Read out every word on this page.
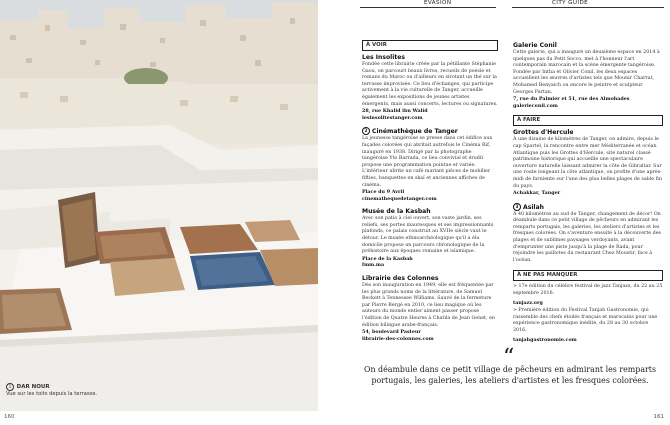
1 DAR NOUR
Vue sur les toits depuis la terrasse.
160	161
ÉVASION	CITY GUIDE
À VOIR
Les Insolites
Fondée cette librairie créée par la pétillante Stéphanie Gaou, on parcourt beaux livres, recueils de poésie et romans du Maroc ou d'ailleurs en sirotant un thé sur la terrasse improvisée. Ce lieu d'échanges, qui participe activement à la vie culturelle de Tanger, accueille également les expositions de jeunes artistes émergents, mais aussi concerts, lectures ou signatures.
28, rue Khalid ibn Walid
lesinsolitestanger.com
2 Cinémathèque de Tanger
La jeunesse tangéroise se presse dans cet édifice aux façades colorées qui abritait autrefois le Cinéma Rif, inauguré en 1938. Dirigé par la photographe tangéroise Yto Barrada, ce lieu convivial et érudit propose une programmation pointue et variée. L'intérieur abrite un café mariant pièces de mobilier fifties, banquettes en skaï et anciennes affiches de cinéma.
Place du 9 Avril
cinemathequedetanger.com
Musée de la Kasbah
Avec son patio à ciel ouvert, son vaste jardin, ses reliefs, ses portes mauresques et ses impressionnants plafonds, ce palais construit au XVIIe siècle vaut le détour. Le musée ethnoarchéologique qu'il a élu domicile propose un parcours chronologique de la préhistoire aux époques romaine et islamique.
Place de la Kasbah
fmm.ma
Librairie des Colonnes
Dès son inauguration en 1949, elle est fréquentée par les plus grands noms de la littérature, de Samuel Beckett à Tennessee Williams. Sauvé de la fermeture par Pierre Bergé en 2010, ce lieu magique où les auteurs du monde entier aiment passer propose l'édition de Quatre Heures à Chatila de Jean Genet, en édition bilingue arabe-français.
54, boulevard Pasteur
librairie-des-colonnes.com
Galerie Conil
Cette galerie, qui a inauguré un deuxième espace en 2014 à quelques pas du Petit Socco, met à l'honneur l'art contemporain marocain et la scène émergente tangéroise. Fondée par Intha et Olivier Conil, les deux espaces accueillent les œuvres d'artistes tels que Mounir Charrat, Mohamed Benyaich ou encore le peintre et sculpteur Georges Partan.
7, rue du Palmier et 51, rue des Almohades
galerieconil.com
À FAIRE
Grottes d'Hercule
À une dizaine de kilomètres de Tanger, on admire, depuis le cap Spartel, la rencontre entre mer Méditerranée et océan Atlantique puis les Grottes d'Hercule, site naturel classé patrimoine historique qui accueille une spectaculaire ouverture naturelle laissant admirer la côte de Gibraltar. Sur une route longeant la côte atlantique, on profite d'une après-midi de farniente sur l'une des plus belles plages de sable fin du pays.
Achakkar, Tanger
3 Asilah
À 40 kilomètres au sud de Tanger, changement de décor! On déambule dans ce petit village de pêcheurs en admirant les remparts portugais, les galeries, les ateliers d'artistes et les fresques colorées. On s'aventure ensuite à la découverte des plages et de sublimes paysages verdoyants, avant d'emprunter une piste jusqu'à la plage de Rada, pour rejoindre les paillotes du restaurant Chez Moustir, face à l'océan.
À NE PAS MANQUER
> 17e édition du célèbre festival de jazz Tanjazz, du 22 au 25 septembre 2016.
tanjazz.org
> Première édition du Festival Tanjah Gastronomie, qui rassemble des chefs étoilés français et marocains pour une expérience gastronomique inédite, du 28 au 30 octobre 2016.
tanjahgastronomie.com
“
On déambule dans ce petit village de pêcheurs en admirant les remparts portugais, les galeries, les ateliers d'artistes et les fresques colorées.
